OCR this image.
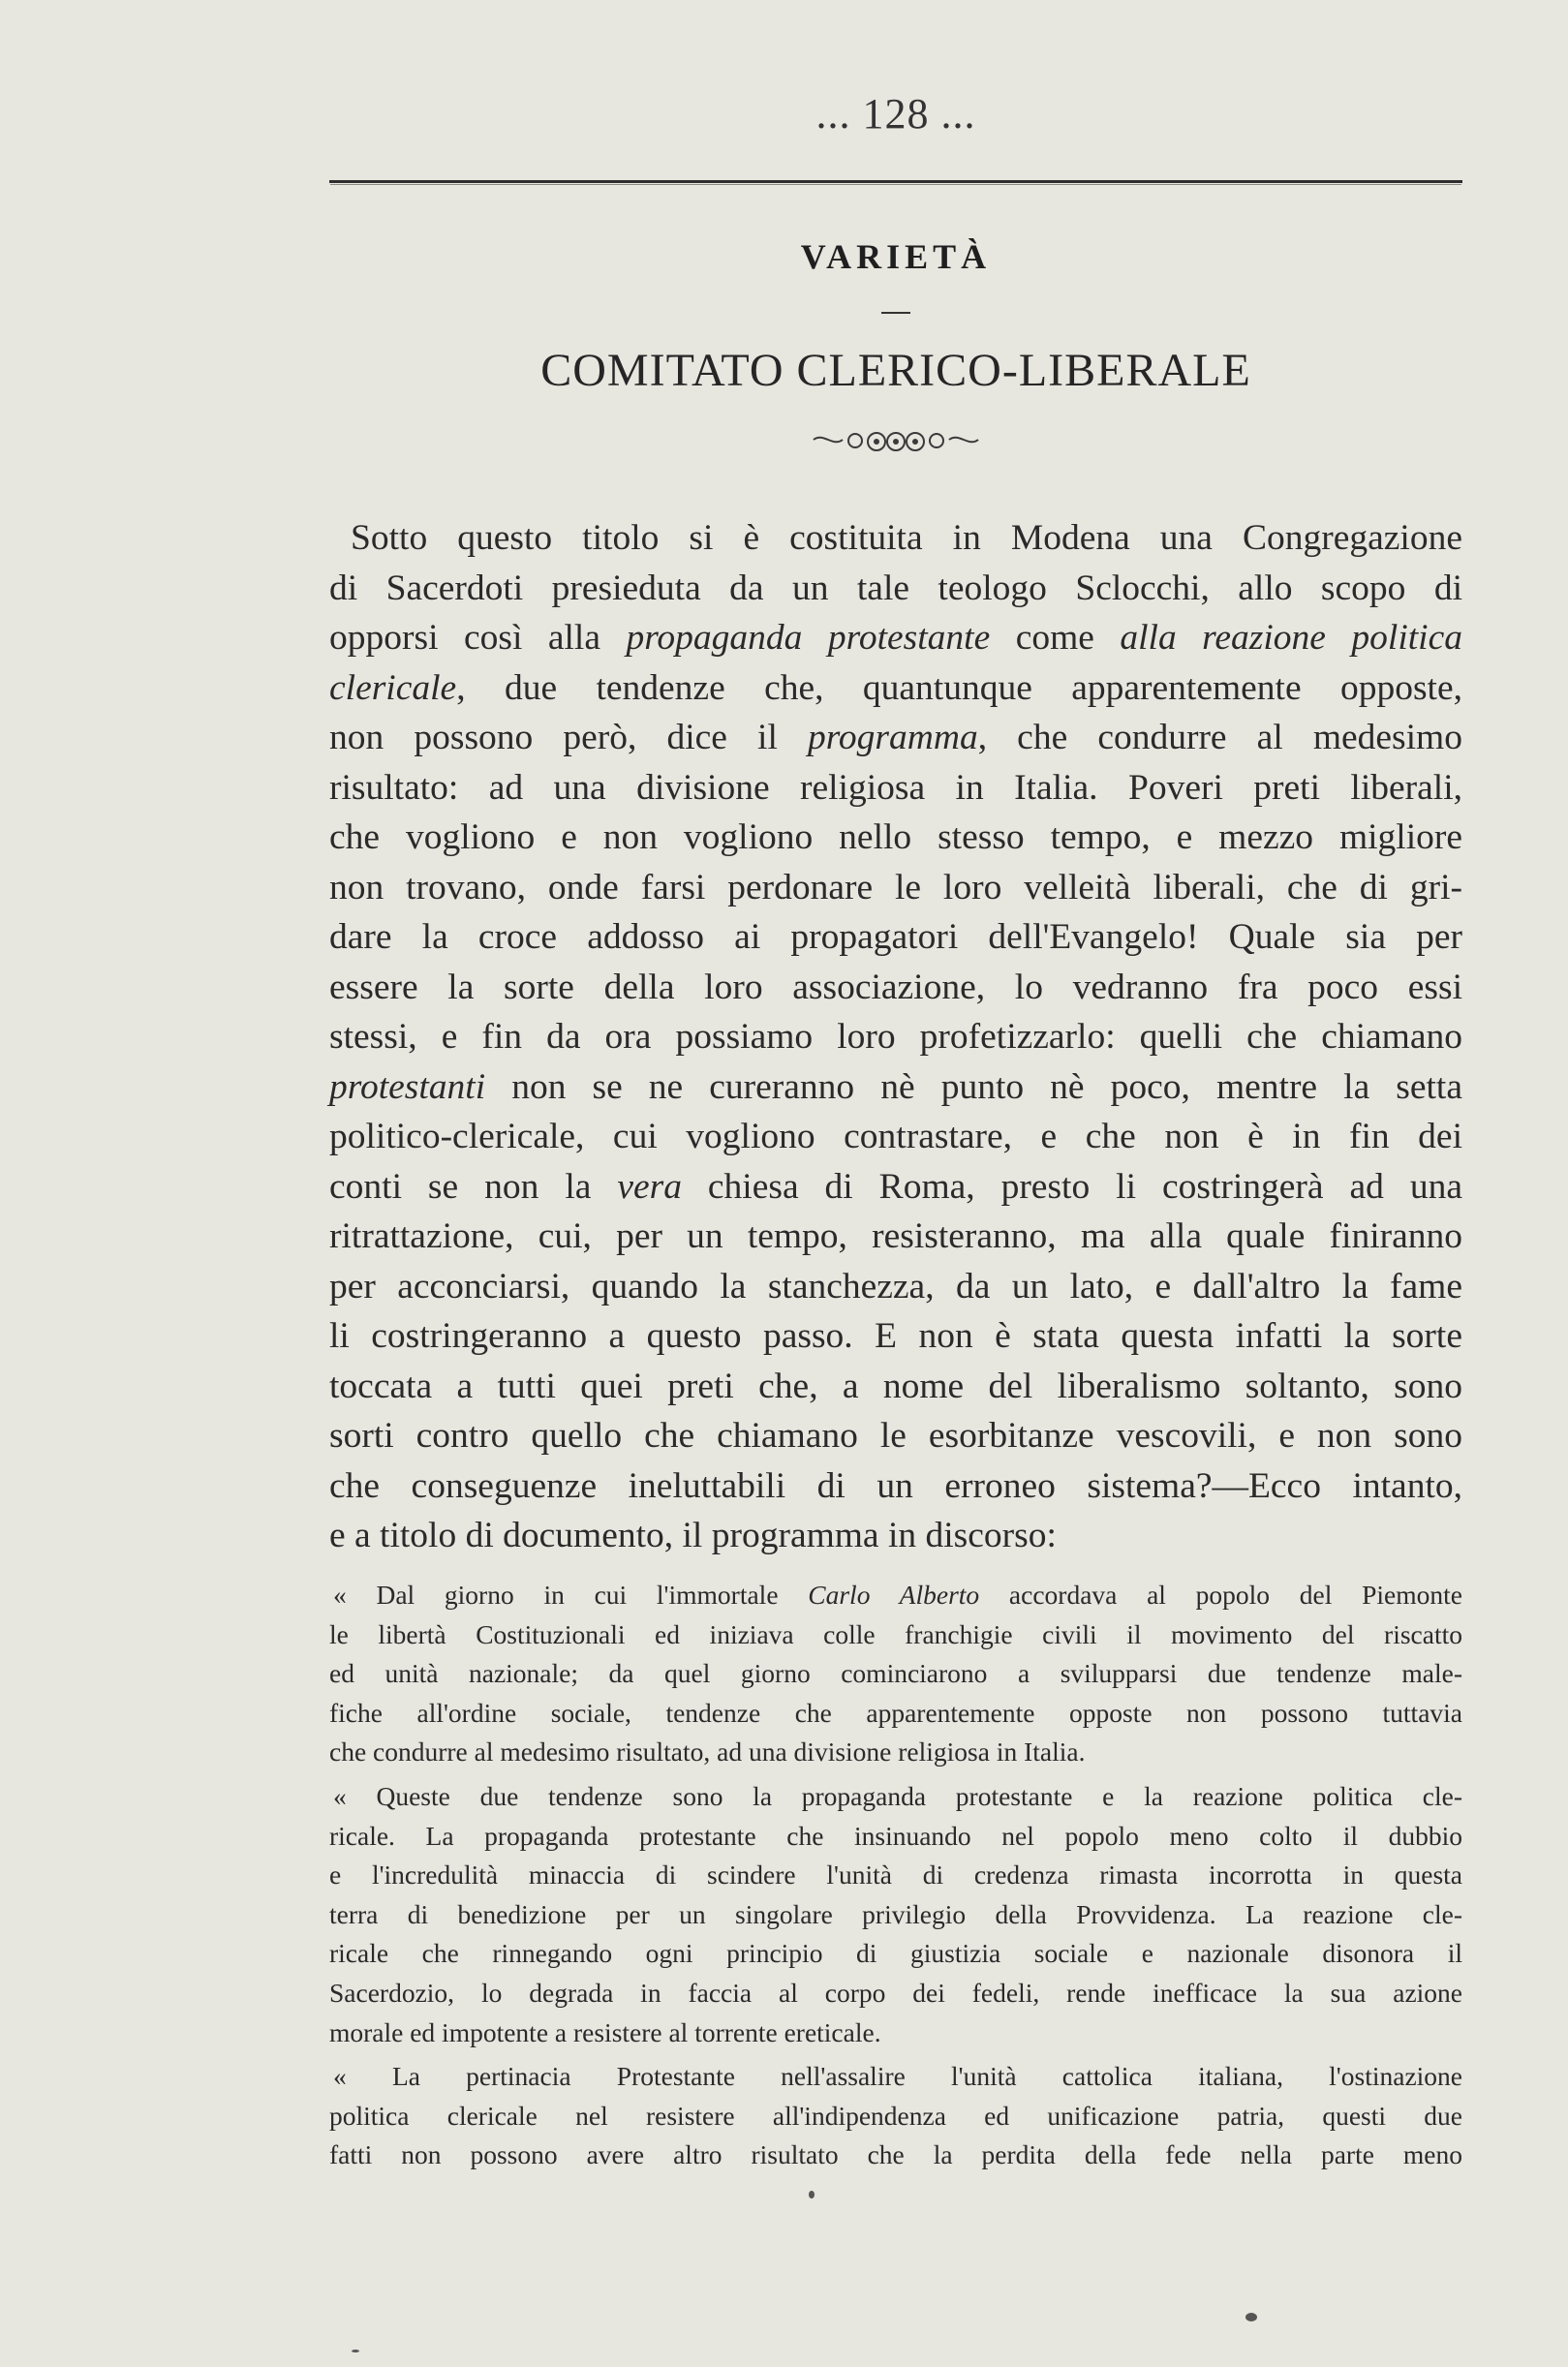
... 128 ...
VARIETÀ
COMITATO CLERICO-LIBERALE

Sotto questo titolo si è costituita in Modena una Congregazione
di Sacerdoti presieduta da un tale teologo Sclocchi, allo scopo di
opporsi così alla propaganda protestante come alla reazione politica
clericale, due tendenze che, quantunque apparentemente opposte,
non possono però, dice il programma, che condurre al medesimo
risultato: ad una divisione religiosa in Italia. Poveri preti liberali,
che vogliono e non vogliono nello stesso tempo, e mezzo migliore
non trovano, onde farsi perdonare le loro velleità liberali, che di gri-
dare la croce addosso ai propagatori dell'Evangelo! Quale sia per
essere la sorte della loro associazione, lo vedranno fra poco essi
stessi, e fin da ora possiamo loro profetizzarlo: quelli che chiamano
protestanti non se ne cureranno nè punto nè poco, mentre la setta
politico-clericale, cui vogliono contrastare, e che non è in fin dei
conti se non la vera chiesa di Roma, presto li costringerà ad una
ritrattazione, cui, per un tempo, resisteranno, ma alla quale finiranno
per acconciarsi, quando la stanchezza, da un lato, e dall'altro la fame
li costringeranno a questo passo. E non è stata questa infatti la sorte
toccata a tutti quei preti che, a nome del liberalismo soltanto, sono
sorti contro quello che chiamano le esorbitanze vescovili, e non sono
che conseguenze ineluttabili di un erroneo sistema?—Ecco intanto,
e a titolo di documento, il programma in discorso:

« Dal giorno in cui l'immortale Carlo Alberto accordava al popolo del Piemonte
le libertà Costituzionali ed iniziava colle franchigie civili il movimento del riscatto
ed unità nazionale; da quel giorno cominciarono a svilupparsi due tendenze male-
fiche all'ordine sociale, tendenze che apparentemente opposte non possono tuttavia
che condurre al medesimo risultato, ad una divisione religiosa in Italia.

« Queste due tendenze sono la propaganda protestante e la reazione politica cle-
ricale. La propaganda protestante che insinuando nel popolo meno colto il dubbio
e l'incredulità minaccia di scindere l'unità di credenza rimasta incorrotta in questa
terra di benedizione per un singolare privilegio della Provvidenza. La reazione cle-
ricale che rinnegando ogni principio di giustizia sociale e nazionale disonora il
Sacerdozio, lo degrada in faccia al corpo dei fedeli, rende inefficace la sua azione
morale ed impotente a resistere al torrente ereticale.

« La pertinacia Protestante nell'assalire l'unità cattolica italiana, l'ostinazione
politica clericale nel resistere all'indipendenza ed unificazione patria, questi due
fatti non possono avere altro risultato che la perdita della fede nella parte meno
